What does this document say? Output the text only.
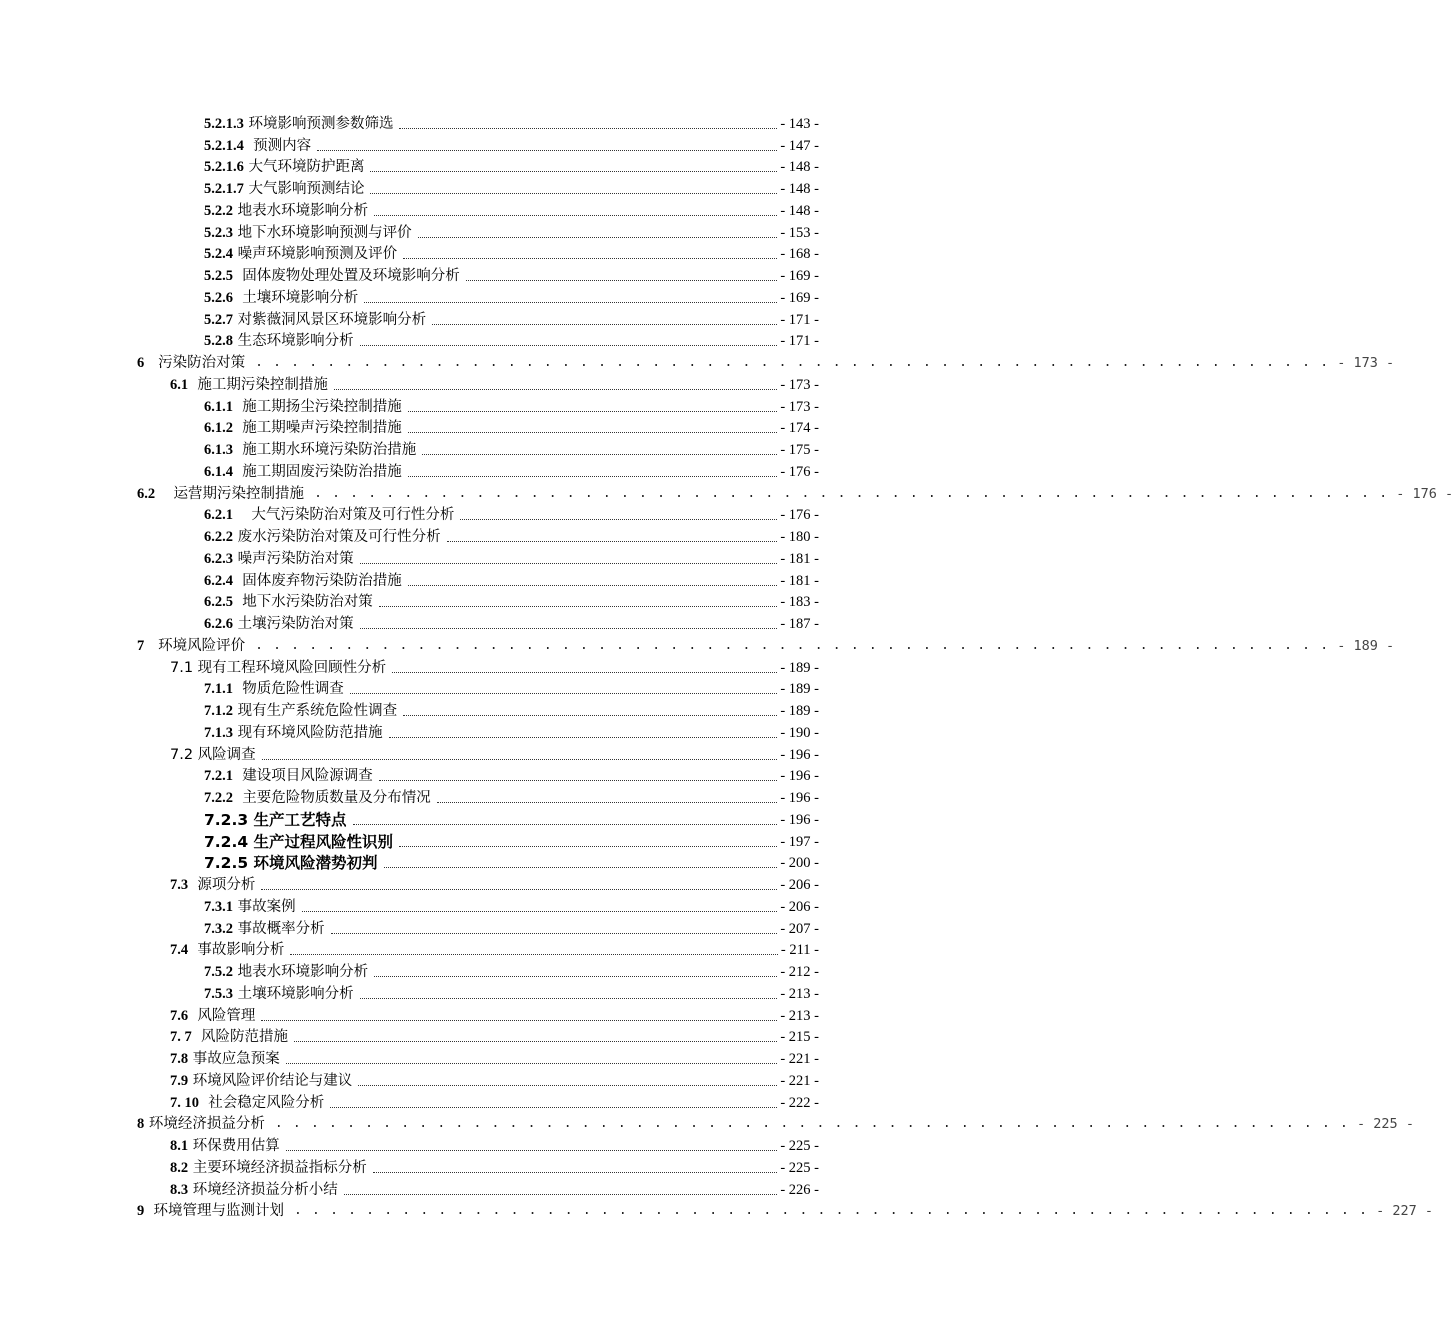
5.2.1.3 环境影响预测参数筛选	- 143 -
5.2.1.4 预测内容	- 147 -
5.2.1.6 大气环境防护距离	- 148 -
5.2.1.7 大气影响预测结论	- 148 -
5.2.2 地表水环境影响分析	- 148 -
5.2.3 地下水环境影响预测与评价	- 153 -
5.2.4 噪声环境影响预测及评价	- 168 -
5.2.5 固体废物处理处置及环境影响分析	- 169 -
5.2.6 土壤环境影响分析	- 169 -
5.2.7 对紫薇洞风景区环境影响分析	- 171 -
5.2.8 生态环境影响分析	- 171 -
6 污染防治对策 . . . . . . . . . . . . . . . . . . . . . . . . . . . . . . . . . . . . . . . . . . . . . . . . . . . . . . . . . . . . - 173 -
6.1 施工期污染控制措施	- 173 -
6.1.1 施工期扬尘污染控制措施	- 173 -
6.1.2 施工期噪声污染控制措施	- 174 -
6.1.3 施工期水环境污染防治措施	- 175 -
6.1.4 施工期固废污染防治措施	- 176 -
6.2 运营期污染控制措施 . . . . . . . . . . . . . . . . . . . . . . . . . . . . . . . . . . . . . . . . . . . . . . . . . . . . . . . . . . . . - 176 -
6.2.1 大气污染防治对策及可行性分析	- 176 -
6.2.2 废水污染防治对策及可行性分析	- 180 -
6.2.3 噪声污染防治对策	- 181 -
6.2.4 固体废弃物污染防治措施	- 181 -
6.2.5 地下水污染防治对策	- 183 -
6.2.6 土壤污染防治对策	- 187 -
7 环境风险评价 . . . . . . . . . . . . . . . . . . . . . . . . . . . . . . . . . . . . . . . . . . . . . . . . . . . . . . . . . . . . - 189 -
7.1 现有工程环境风险回顾性分析	- 189 -
7.1.1 物质危险性调查	- 189 -
7.1.2 现有生产系统危险性调查	- 189 -
7.1.3 现有环境风险防范措施	- 190 -
7.2 风险调查	- 196 -
7.2.1 建设项目风险源调查	- 196 -
7.2.2 主要危险物质数量及分布情况	- 196 -
7.2.3 生产工艺特点	- 196 -
7.2.4 生产过程风险性识别	- 197 -
7.2.5 环境风险潜势初判	- 200 -
7.3 源项分析	- 206 -
7.3.1 事故案例	- 206 -
7.3.2 事故概率分析	- 207 -
7.4 事故影响分析	- 211 -
7.5.2 地表水环境影响分析	- 212 -
7.5.3 土壤环境影响分析	- 213 -
7.6 风险管理	- 213 -
7. 7 风险防范措施	- 215 -
7.8 事故应急预案	- 221 -
7.9 环境风险评价结论与建议	- 221 -
7. 10 社会稳定风险分析	- 222 -
8 环境经济损益分析 . . . . . . . . . . . . . . . . . . . . . . . . . . . . . . . . . . . . . . . . . . . . . . . . . . . . . . . . . . . . - 225 -
8.1 环保费用估算	- 225 -
8.2 主要环境经济损益指标分析	- 225 -
8.3 环境经济损益分析小结	- 226 -
9 环境管理与监测计划 . . . . . . . . . . . . . . . . . . . . . . . . . . . . . . . . . . . . . . . . . . . . . . . . . . . . . . . . . . . . - 227 -
